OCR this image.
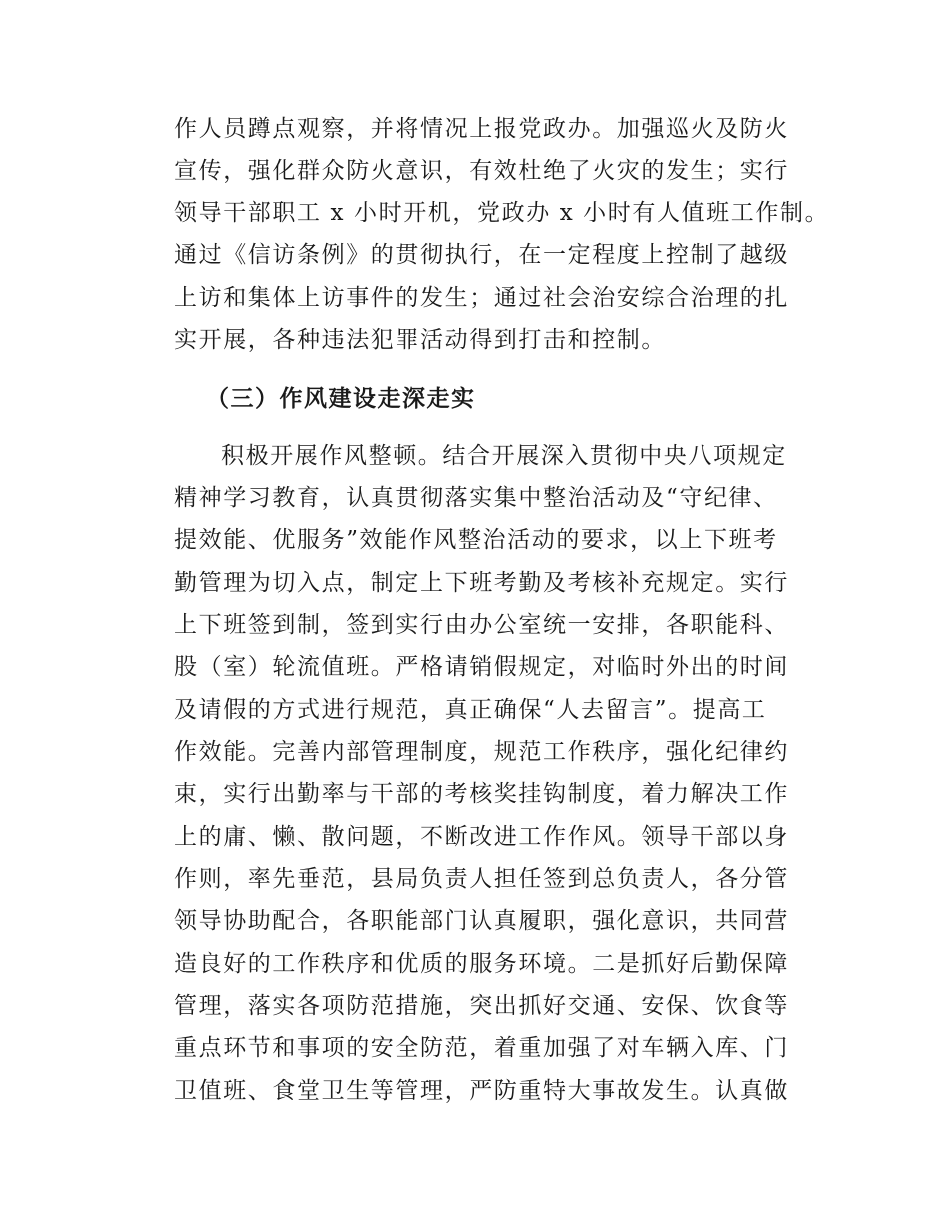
作人员蹲点观察，并将情况上报党政办。加强巡火及防火
宣传，强化群众防火意识，有效杜绝了火灾的发生；实行
领导干部职工 x 小时开机，党政办 x 小时有人值班工作制。
通过《信访条例》的贯彻执行，在一定程度上控制了越级
上访和集体上访事件的发生；通过社会治安综合治理的扎
实开展，各种违法犯罪活动得到打击和控制。
（三）作风建设走深走实
积极开展作风整顿。结合开展深入贯彻中央八项规定
精神学习教育，认真贯彻落实集中整治活动及“守纪律、
提效能、优服务”效能作风整治活动的要求，以上下班考
勤管理为切入点，制定上下班考勤及考核补充规定。实行
上下班签到制，签到实行由办公室统一安排，各职能科、
股（室）轮流值班。严格请销假规定，对临时外出的时间
及请假的方式进行规范，真正确保“人去留言”。提高工
作效能。完善内部管理制度，规范工作秩序，强化纪律约
束，实行出勤率与干部的考核奖挂钩制度，着力解决工作
上的庸、懒、散问题，不断改进工作作风。领导干部以身
作则，率先垂范，县局负责人担任签到总负责人，各分管
领导协助配合，各职能部门认真履职，强化意识，共同营
造良好的工作秩序和优质的服务环境。二是抓好后勤保障
管理，落实各项防范措施，突出抓好交通、安保、饮食等
重点环节和事项的安全防范，着重加强了对车辆入库、门
卫值班、食堂卫生等管理，严防重特大事故发生。认真做
